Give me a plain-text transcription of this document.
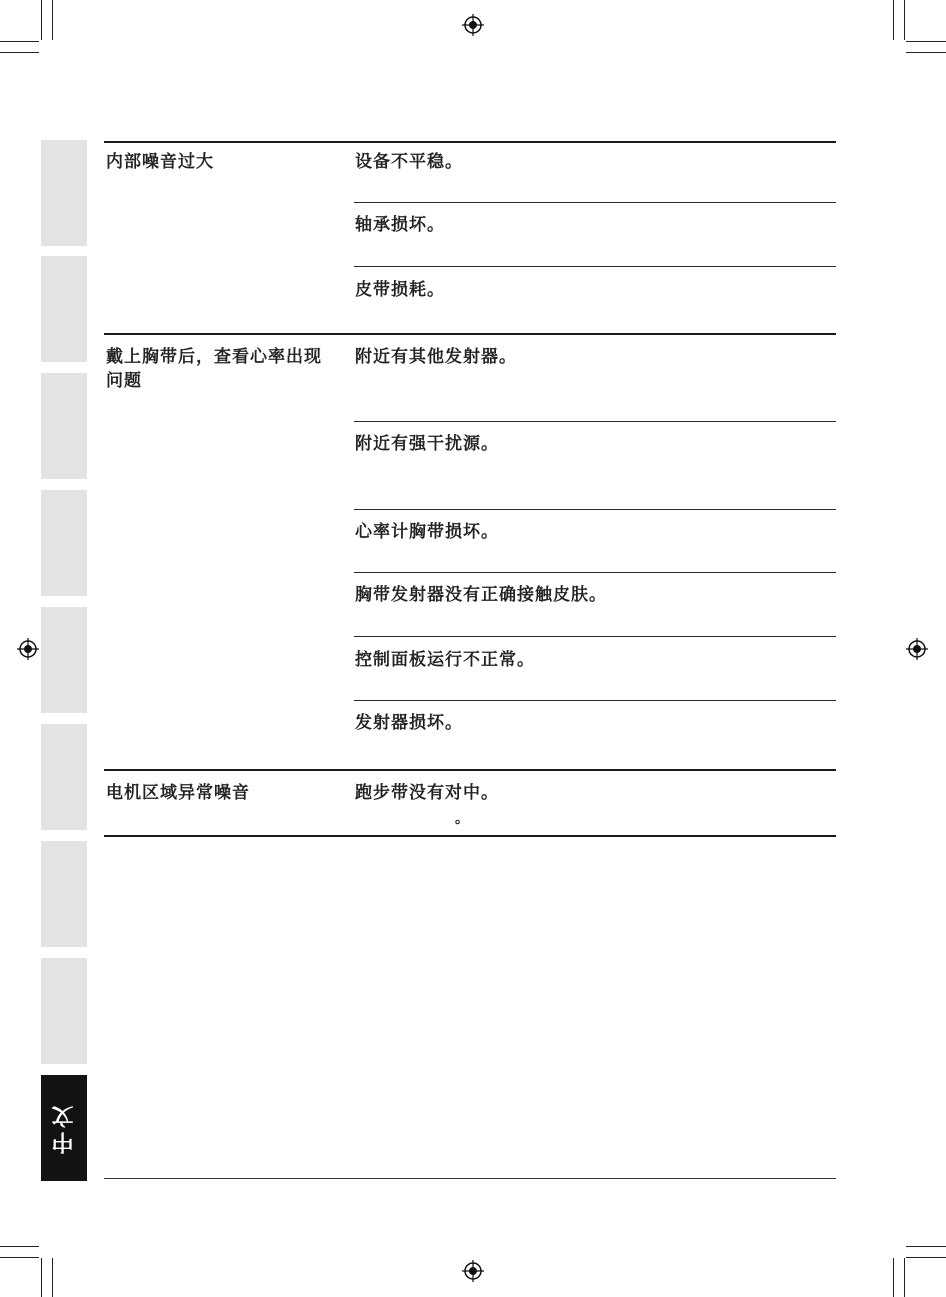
中文
内部噪音过大	设备不平稳。
轴承损坏。
皮带损耗。
戴上胸带后，查看心率出现问题
附近有其他发射器。
附近有强干扰源。
心率计胸带损坏。
胸带发射器没有正确接触皮肤。
控制面板运行不正常。
发射器损坏。
电机区域异常噪音	跑步带没有对中。
。
